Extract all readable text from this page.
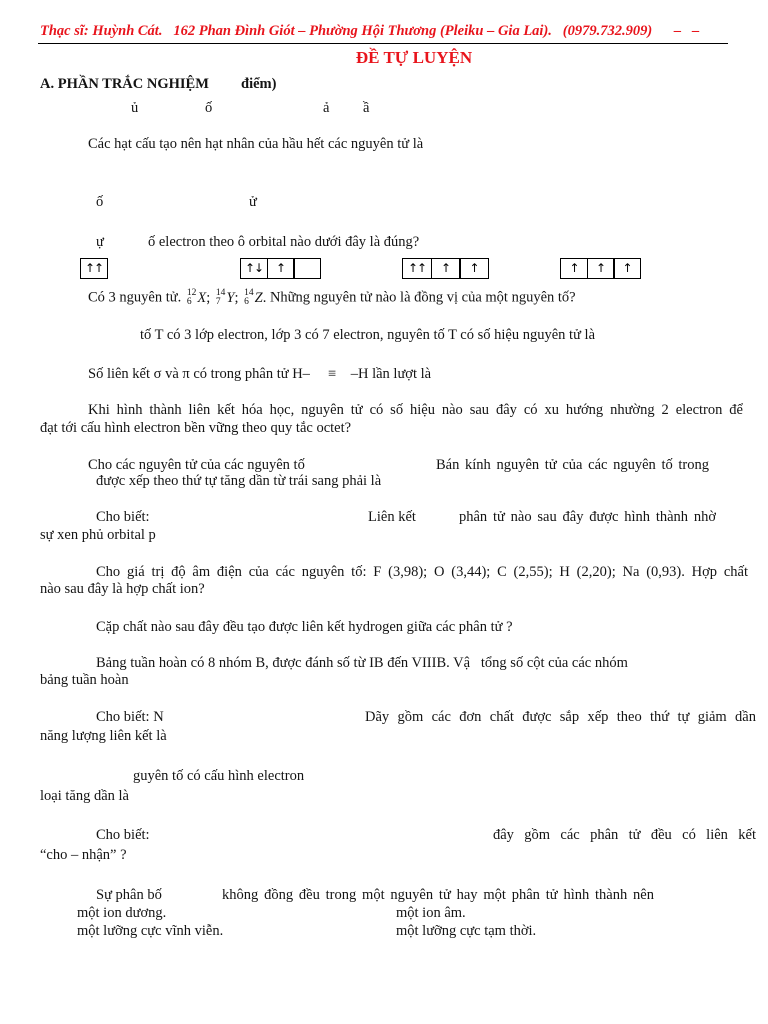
Thạc sĩ: Huỳnh Cát.   162 Phan Đình Giót – Phường Hội Thương (Pleiku – Gia Lai).   (0979.732.909)      –   –
ĐỀ TỰ LUYỆN
A. PHẦN TRẮC NGHIỆM điểm)
ủ	ố	ả ầ
Các hạt cấu tạo nên hạt nhân của hầu hết các nguyên tử là
ố	ử
ự	ố electron theo ô orbital nào dưới đây là đúng?
↑↑	↑↓	↑	↑↑	↑	↑	↑	↑	↑
Có 3 nguyên tử. 12
6 X ;
14
7 Y ;
14
6 Z . Những nguyên tử nào là đồng vị của một nguyên tố?
tố T có 3 lớp electron, lớp 3 có 7 electron, nguyên tố T có số hiệu nguyên tử là
Số liên kết σ và π có trong phân tử H–     ≡    –H lần lượt là
Khi hình thành liên kết hóa học, nguyên tử có số hiệu nào sau đây có xu hướng nhường 2 electron để
đạt tới cấu hình electron bền vững theo quy tắc octet?
Cho các nguyên tử của các nguyên tố	Bán kính nguyên tử của các nguyên tố trong
được xếp theo thứ tự tăng dần từ trái sang phải là
Cho biết:	Liên kết	phân tử nào sau đây được hình thành nhờ
sự xen phủ orbital p
Cho giá trị độ âm điện của các nguyên tố: F (3,98); O (3,44); C (2,55); H (2,20); Na (0,93). Hợp chất
nào sau đây là hợp chất ion?
Cặp chất nào sau đây đều tạo được liên kết hydrogen giữa các phân tử ?
Bảng tuần hoàn có 8 nhóm B, được đánh số từ IB đến VIIIB. Vậ   tổng số cột của các nhóm
bảng tuần hoàn
Cho biết: N	Dãy gồm các đơn chất được sắp xếp theo thứ tự giảm dần
năng lượng liên kết là
guyên tố có cấu hình electron
loại tăng dần là
Cho biết:	đây gồm các phân tử đều có liên kết
“cho – nhận” ?
Sự phân bố	không đồng đều trong một nguyên tử hay một phân tử hình thành nên
một ion dương.	một ion âm.
một lưỡng cực vĩnh viễn.	một lưỡng cực tạm thời.
